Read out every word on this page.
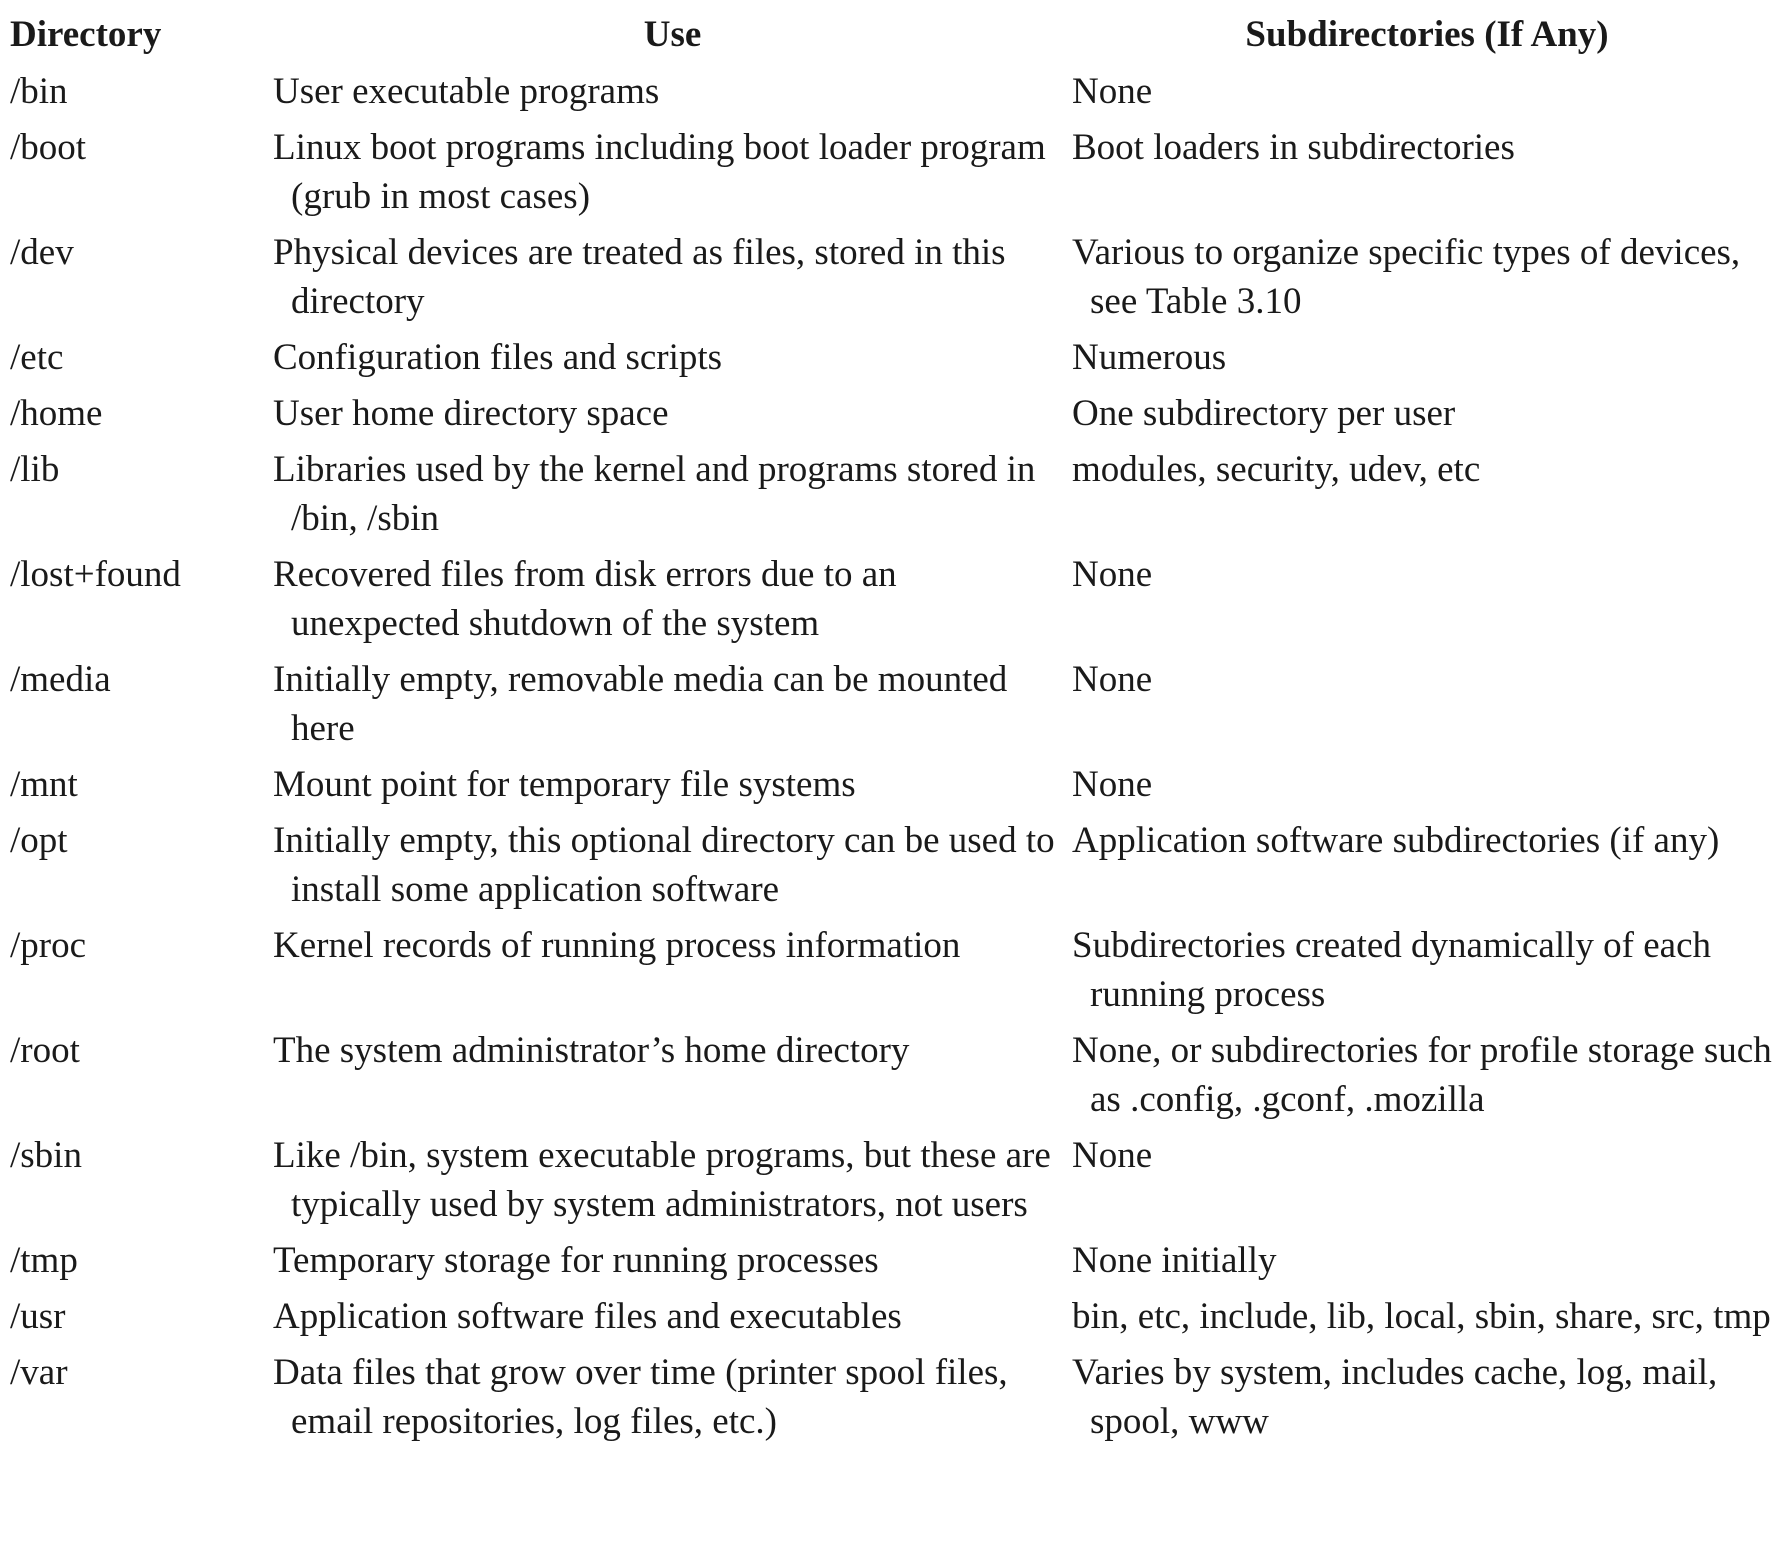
Directory	Use	Subdirectories (If Any)

/bin	User executable programs	None

/boot	Linux boot programs including boot loader program (grub in most cases)	Boot loaders in subdirectories

/dev	Physical devices are treated as files, stored in this directory	Various to organize specific types of devices, see Table 3.10

/etc	Configuration files and scripts	Numerous

/home	User home directory space	One subdirectory per user

/lib	Libraries used by the kernel and programs stored in /bin, /sbin	modules, security, udev, etc

/lost+found	Recovered files from disk errors due to an unexpected shutdown of the system	None

/media	Initially empty, removable media can be mounted here	None

/mnt	Mount point for temporary file systems	None

/opt	Initially empty, this optional directory can be used to install some application software	Application software subdirectories (if any)

/proc	Kernel records of running process information	Subdirectories created dynamically of each running process

/root	The system administrator’s home directory	None, or subdirectories for profile storage such as .config, .gconf, .mozilla

/sbin	Like /bin, system executable programs, but these are typically used by system administrators, not users	None

/tmp	Temporary storage for running processes	None initially

/usr	Application software files and executables	bin, etc, include, lib, local, sbin, share, src, tmp

/var	Data files that grow over time (printer spool files, email repositories, log files, etc.)	Varies by system, includes cache, log, mail, spool, www
